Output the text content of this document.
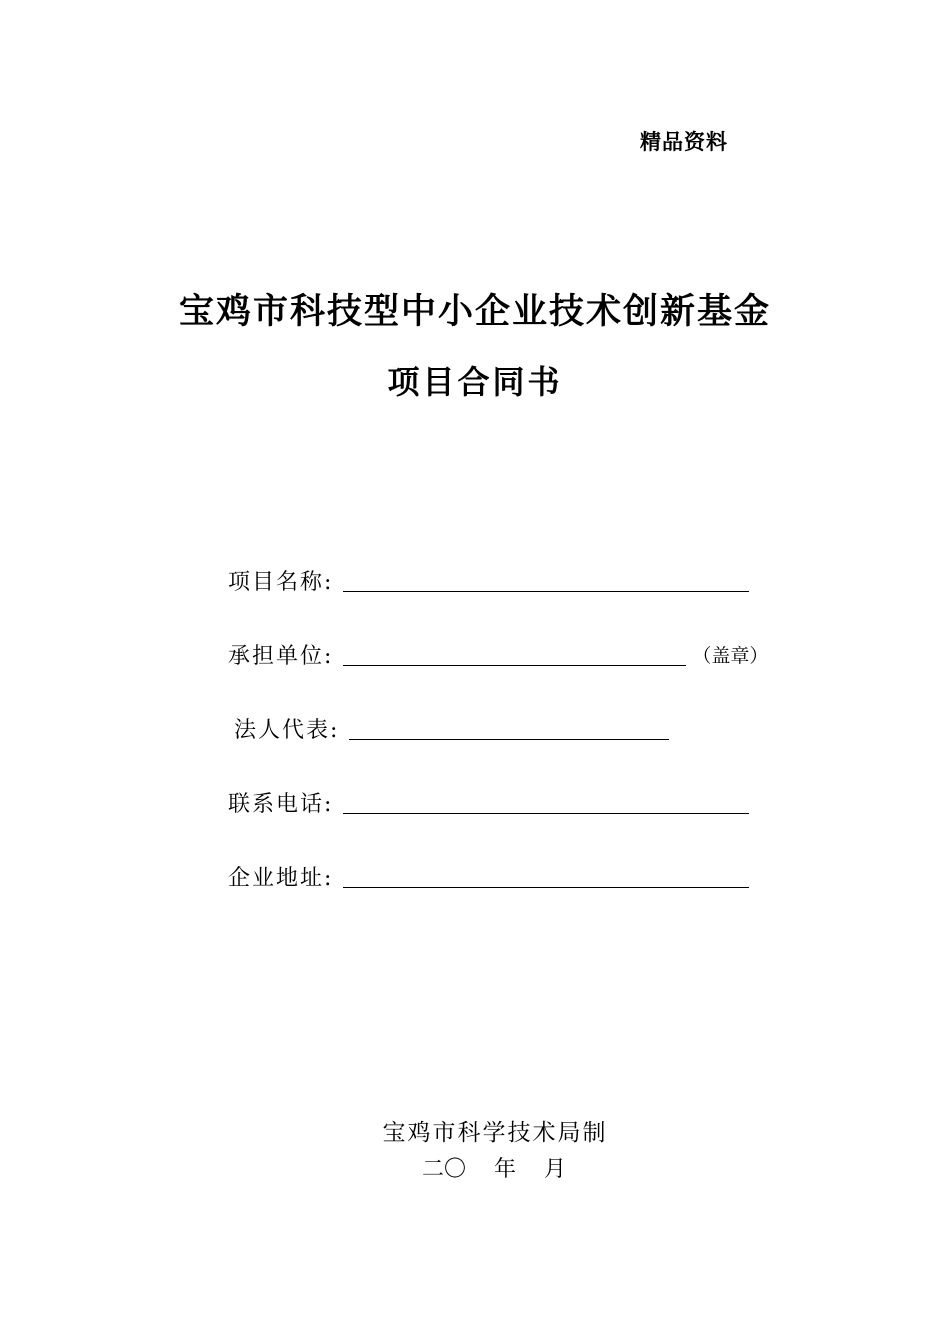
精品资料
宝鸡市科技型中小企业技术创新基金
项目合同书
项目名称:
承担单位:	（盖章）
法人代表:
联系电话:
企业地址:
宝鸡市科学技术局制
二〇    年    月
